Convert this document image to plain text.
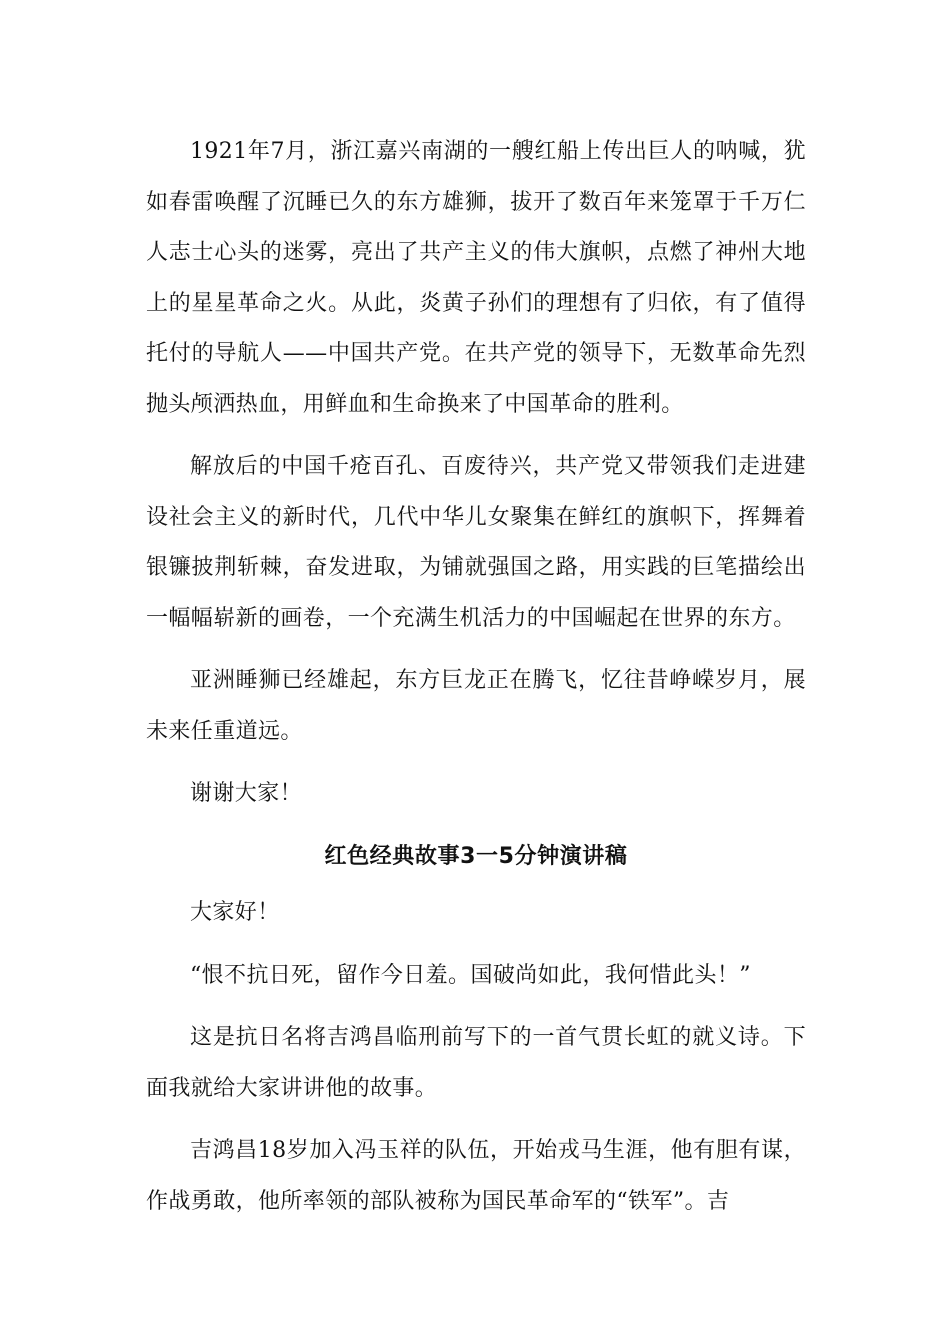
1921年7月，浙江嘉兴南湖的一艘红船上传出巨人的呐喊，犹如春雷唤醒了沉睡已久的东方雄狮，拔开了数百年来笼罩于千万仁人志士心头的迷雾，亮出了共产主义的伟大旗帜，点燃了神州大地上的星星革命之火。从此，炎黄子孙们的理想有了归依，有了值得托付的导航人——中国共产党。在共产党的领导下，无数革命先烈抛头颅洒热血，用鲜血和生命换来了中国革命的胜利。

解放后的中国千疮百孔、百废待兴，共产党又带领我们走进建设社会主义的新时代，几代中华儿女聚集在鲜红的旗帜下，挥舞着银镰披荆斩棘，奋发进取，为铺就强国之路，用实践的巨笔描绘出一幅幅崭新的画卷，一个充满生机活力的中国崛起在世界的东方。

亚洲睡狮已经雄起，东方巨龙正在腾飞，忆往昔峥嵘岁月，展未来任重道远。

谢谢大家！

红色经典故事3一5分钟演讲稿

大家好！

“恨不抗日死，留作今日羞。国破尚如此，我何惜此头！”

这是抗日名将吉鸿昌临刑前写下的一首气贯长虹的就义诗。下面我就给大家讲讲他的故事。

吉鸿昌18岁加入冯玉祥的队伍，开始戎马生涯，他有胆有谋，作战勇敢，他所率领的部队被称为国民革命军的“铁军”。吉
